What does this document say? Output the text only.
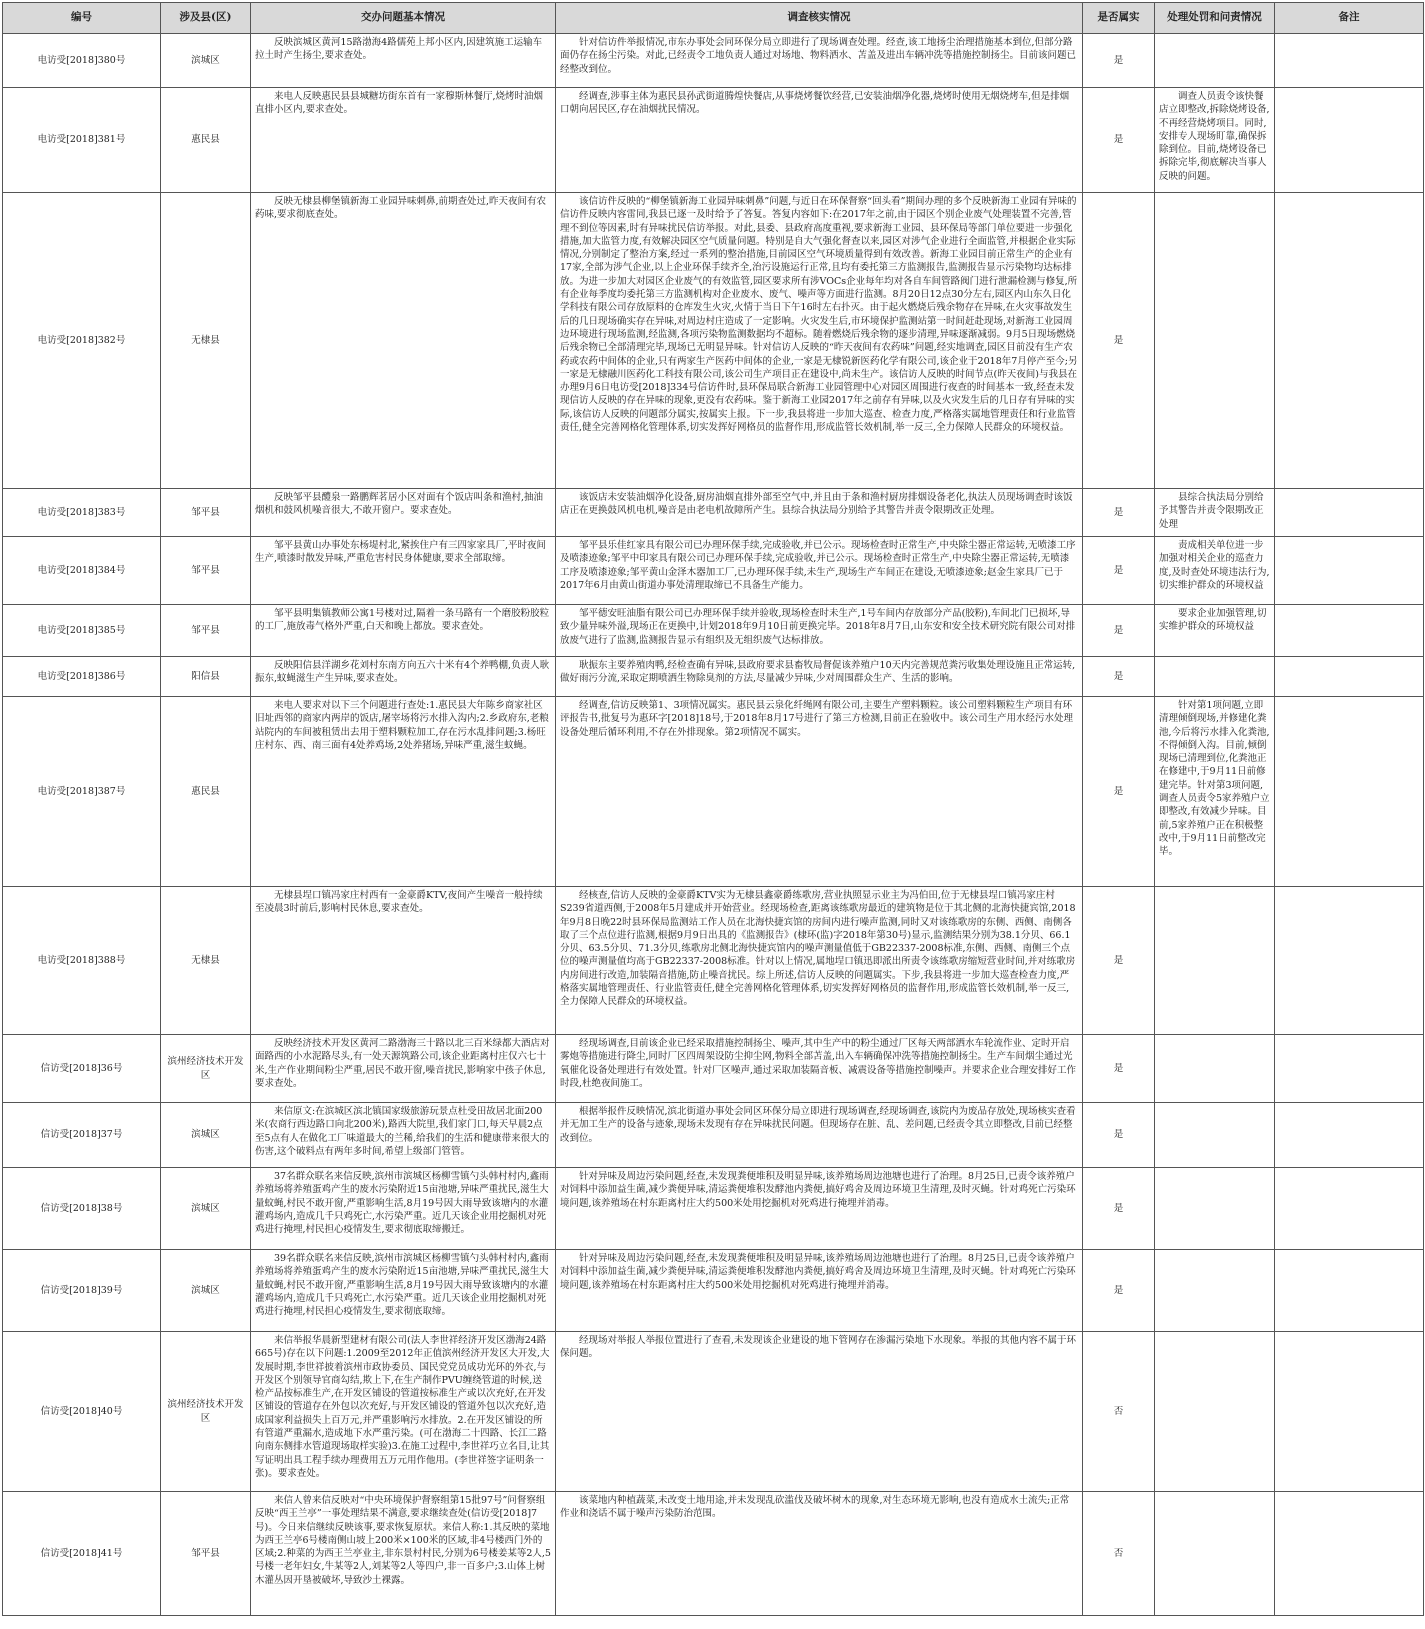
编号	涉及县(区)	交办问题基本情况	调查核实情况	是否属实	处理处罚和问责情况	备注
电访受[2018]380号	滨城区	反映滨城区黄河15路渤海4路儒苑上邦小区内,因建筑施工运输车拉土时产生扬尘,要求查处。	针对信访件举报情况,市东办事处会同环保分局立即进行了现场调查处理。经查,该工地扬尘治理措施基本到位,但部分路面仍存在扬尘污染。对此,已经责令工地负责人通过对场地、物料洒水、苫盖及进出车辆冲洗等措施控制扬尘。目前该问题已经整改到位。	是	

电访受[2018]381号	惠民县	来电人反映惠民县县城糖坊街东首有一家穆斯林餐厅,烧烤时油烟直排小区内,要求查处。	经调查,涉事主体为惠民县孙武街道腾煌快餐店,从事烧烤餐饮经营,已安装油烟净化器,烧烤时使用无烟烧烤车,但是排烟口朝向居民区,存在油烟扰民情况。	是	调查人员责令该快餐店立即整改,拆除烧烤设备,不再经营烧烤项目。同时,安排专人现场盯靠,确保拆除到位。目前,烧烤设备已拆除完毕,彻底解决当事人反映的问题。	

电访受[2018]382号	无棣县	反映无棣县柳堡镇新海工业园异味刺鼻,前期查处过,昨天夜间有农药味,要求彻底查处。	该信访件反映的“柳堡镇新海工业园异味刺鼻”问题,与近日在环保督察“回头看”期间办理的多个反映新海工业园有异味的信访件反映内容雷同,我县已逐一及时给予了答复。答复内容如下:在2017年之前,由于园区个别企业废气处理装置不完善,管理不到位等因素,时有异味扰民信访举报。对此,县委、县政府高度重视,要求新海工业园、县环保局等部门单位要进一步强化措施,加大监管力度,有效解决园区空气质量问题。特别是自大气强化督查以来,园区对涉气企业进行全面监管,并根据企业实际情况,分别制定了整治方案,经过一系列的整治措施,目前园区空气环境质量得到有效改善。新海工业园目前正常生产的企业有17家,全部为涉气企业,以上企业环保手续齐全,治污设施运行正常,且均有委托第三方监测报告,监测报告显示污染物均达标排放。为进一步加大对园区企业废气的有效监管,园区要求所有涉VOCs企业每年均对各自车间管路阀门进行泄漏检测与修复,所有企业每季度均委托第三方监测机构对企业废水、废气、噪声等方面进行监测。8月20日12点30分左右,园区内山东久日化学科技有限公司存放原料的仓库发生火灾,火情于当日下午16时左右扑灭。由于起火燃烧后残余物存在异味,在火灾事故发生后的几日现场确实存在异味,对周边村庄造成了一定影响。火灾发生后,市环境保护监测站第一时间赶赴现场,对新海工业园周边环境进行现场监测,经监测,各项污染物监测数据均不超标。随着燃烧后残余物的逐步清理,异味逐渐减弱。9月5日现场燃烧后残余物已全部清理完毕,现场已无明显异味。针对信访人反映的“昨天夜间有农药味”问题,经实地调查,园区目前没有生产农药或农药中间体的企业,只有两家生产医药中间体的企业,一家是无棣锐新医药化学有限公司,该企业于2018年7月停产至今;另一家是无棣融川医药化工科技有限公司,该公司生产项目正在建设中,尚未生产。该信访人反映的时间节点(昨天夜间)与我县在办理9月6日电访受[2018]334号信访件时,县环保局联合新海工业园管理中心对园区周围进行夜查的时间基本一致,经查未发现信访人反映的存在异味的现象,更没有农药味。鉴于新海工业园2017年之前存有异味,以及火灾发生后的几日存有异味的实际,该信访人反映的问题部分属实,按属实上报。下一步,我县将进一步加大巡查、检查力度,严格落实属地管理责任和行业监管责任,健全完善网格化管理体系,切实发挥好网格员的监督作用,形成监管长效机制,举一反三,全力保障人民群众的环境权益。	是	

电访受[2018]383号	邹平县	反映邹平县醴泉一路鹏辉茗居小区对面有个饭店叫条和渔村,抽油烟机和鼓风机噪音很大,不敢开窗户。要求查处。	该饭店未安装油烟净化设备,厨房油烟直排外部至空气中,并且由于条和渔村厨房排烟设备老化,执法人员现场调查时该饭店正在更换鼓风机电机,噪音是由老电机故障所产生。县综合执法局分别给予其警告并责令限期改正处理。	是	县综合执法局分别给予其警告并责令限期改正处理	

电访受[2018]384号	邹平县	邹平县黄山办事处东杨堤村北,紧挨住户有三四家家具厂,平时夜间生产,喷漆时散发异味,严重危害村民身体健康,要求全部取缔。	邹平县乐佳红家具有限公司已办理环保手续,完成验收,并已公示。现场检查时正常生产,中央除尘器正常运转,无喷漆工序及喷漆迹象;邹平中印家具有限公司已办理环保手续,完成验收,并已公示。现场检查时正常生产,中央除尘器正常运转,无喷漆工序及喷漆迹象;邹平黄山金泽木器加工厂,已办理环保手续,未生产,现场生产车间正在建设,无喷漆迹象;赵金生家具厂已于2017年6月由黄山街道办事处清理取缔已不具备生产能力。	是	责成相关单位进一步加强对相关企业的巡查力度,及时查处环境违法行为,切实维护群众的环境权益	

电访受[2018]385号	邹平县	邹平县明集镇教师公寓1号楼对过,隔着一条马路有一个磨胶粉胶粒的工厂,施放毒气格外严重,白天和晚上都放。要求查处。	邹平德安旺油脂有限公司已办理环保手续并验收,现场检查时未生产,1号车间内存放部分产品(胶粉),车间北门已损坏,导致少量异味外溢,现场正在更换中,计划2018年9月10日前更换完毕。2018年8月7日,山东安和安全技术研究院有限公司对排放废气进行了监测,监测报告显示有组织及无组织废气达标排放。	是	要求企业加强管理,切实维护群众的环境权益	

电访受[2018]386号	阳信县	反映阳信县洋湖乡花刘村东南方向五六十米有4个养鸭棚,负责人耿振东,蚊蝇滋生产生异味,要求查处。	耿振东主要养殖肉鸭,经检查确有异味,县政府要求县畜牧局督促该养殖户10天内完善规范粪污收集处理设施且正常运转,做好雨污分流,采取定期喷洒生物除臭剂的方法,尽量减少异味,少对周围群众生产、生活的影响。	是	

电访受[2018]387号	惠民县	来电人要求对以下三个问题进行查处:1.惠民县大年陈乡商家社区旧址西邻的商家内两岸的饭店,屠宰场将污水排入沟内;2.乡政府东,老粮站院内的车间被租赁出去用于塑料颗粒加工,存在污水乱排问题;3.杨旺庄村东、西、南三面有4处养鸡场,2处养猪场,异味严重,滋生蚊蝇。	经调查,信访反映第1、3项情况属实。惠民县云泉化纤绳网有限公司,主要生产塑料颗粒。该公司塑料颗粒生产项目有环评报告书,批复号为惠环字[2018]18号,于2018年8月17号进行了第三方检测,目前正在验收中。该公司生产用水经污水处理设备处理后循环利用,不存在外排现象。第2项情况不属实。	是	针对第1项问题,立即清理倾倒现场,并修建化粪池,今后将污水排入化粪池,不得倾倒入沟。目前,倾倒现场已清理到位,化粪池正在修建中,于9月11日前修建完毕。针对第3项问题,调查人员责令5家养殖户立即整改,有效减少异味。目前,5家养殖户正在积极整改中,于9月11日前整改完毕。	

电访受[2018]388号	无棣县	无棣县埕口镇冯家庄村西有一金豪爵KTV,夜间产生噪音一般持续至凌晨3时前后,影响村民休息,要求查处。	经核查,信访人反映的金豪爵KTV实为无棣县鑫豪爵练歌房,营业执照显示业主为冯伯田,位于无棣县埕口镇冯家庄村S239省道西侧,于2008年5月建成并开始营业。经现场检查,距离该练歌房最近的建筑物是位于其北侧的北海快捷宾馆,2018年9月8日晚22时县环保局监测站工作人员在北海快捷宾馆的房间内进行噪声监测,同时又对该练歌房的东侧、西侧、南侧各取了三个点位进行监测,根据9月9日出具的《监测报告》(棣环(监)字2018年第30号)显示,监测结果分别为38.1分贝、66.1分贝、63.5分贝、71.3分贝,练歌房北侧北海快捷宾馆内的噪声测量值低于GB22337-2008标准,东侧、西侧、南侧三个点位的噪声测量值均高于GB22337-2008标准。针对以上情况,属地埕口镇迅即派出所责令该练歌房缩短营业时间,并对练歌房内房间进行改造,加装隔音措施,防止噪音扰民。综上所述,信访人反映的问题属实。下步,我县将进一步加大巡查检查力度,严格落实属地管理责任、行业监管责任,健全完善网格化管理体系,切实发挥好网格员的监督作用,形成监管长效机制,举一反三,全力保障人民群众的环境权益。	是	

信访受[2018]36号	滨州经济技术开发区	反映经济技术开发区黄河二路渤海三十路以北三百米绿都大酒店对面路西的小水泥路尽头,有一处天源筑路公司,该企业距离村庄仅六七十米,生产作业期间粉尘严重,居民不敢开窗,噪音扰民,影响家中孩子休息,要求查处。	经现场调查,目前该企业已经采取措施控制扬尘、噪声,其中生产中的粉尘通过厂区每天两部洒水车轮流作业、定时开启雾炮等措施进行降尘,同时厂区四周架设防尘抑尘网,物料全部苫盖,出入车辆确保冲洗等措施控制扬尘。生产车间烟尘通过光氧催化设备处理进行有效处置。针对厂区噪声,通过采取加装隔音板、减震设备等措施控制噪声。并要求企业合理安排好工作时段,杜绝夜间施工。	是	

信访受[2018]37号	滨城区	来信原文:在滨城区滨北镇国家级旅游玩景点杜受田故居北面200米(农商行西边路口向北200米),路西大院里,我们家门口,每天早晨2点至5点有人在做化工厂味道最大的兰稀,给我们的生活和健康带来很大的伤害,这个破料点有两年多时间,希望上级部门管管。	根据举报件反映情况,滨北街道办事处会同区环保分局立即进行现场调查,经现场调查,该院内为废品存放处,现场核实查看并无加工生产的设备与迹象,现场未发现有存在异味扰民问题。但现场存在脏、乱、差问题,已经责令其立即整改,目前已经整改到位。	是	

信访受[2018]38号	滨城区	37名群众联名来信反映,滨州市滨城区杨柳雪镇勺头韩村村内,鑫雨养殖场将养殖蛋鸡产生的废水污染附近15亩池塘,异味严重扰民,滋生大量蚊蝇,村民不敢开窗,严重影响生活,8月19号因大雨导致该塘内的水灌灌鸡场内,造成几千只鸡死亡,水污染严重。近几天该企业用挖掘机对死鸡进行掩埋,村民担心疫情发生,要求彻底取缔搬迁。	针对异味及周边污染问题,经查,未发现粪便堆积及明显异味,该养殖场周边池塘也进行了治理。8月25日,已责令该养殖户对饲料中添加益生菌,减少粪便异味,清运粪便堆积发酵池内粪便,搞好鸡舍及周边环境卫生清理,及时灭蝇。针对鸡死亡污染环境问题,该养殖场在村东距离村庄大约500米处用挖掘机对死鸡进行掩埋并消毒。	是	

信访受[2018]39号	滨城区	39名群众联名来信反映,滨州市滨城区杨柳雪镇勺头韩村村内,鑫雨养殖场将养殖蛋鸡产生的废水污染附近15亩池塘,异味严重扰民,滋生大量蚊蝇,村民不敢开窗,严重影响生活,8月19号因大雨导致该塘内的水灌灌鸡场内,造成几千只鸡死亡,水污染严重。近几天该企业用挖掘机对死鸡进行掩埋,村民担心疫情发生,要求彻底取缔。	针对异味及周边污染问题,经查,未发现粪便堆积及明显异味,该养殖场周边池塘也进行了治理。8月25日,已责令该养殖户对饲料中添加益生菌,减少粪便异味,清运粪便堆积发酵池内粪便,搞好鸡舍及周边环境卫生清理,及时灭蝇。针对鸡死亡污染环境问题,该养殖场在村东距离村庄大约500米处用挖掘机对死鸡进行掩埋并消毒。	是	

信访受[2018]40号	滨州经济技术开发区	来信举报华晨新型建材有限公司(法人李世祥经济开发区渤海24路665号)存在以下问题:1.2009至2012年正值滨州经济开发区大开发,大发展时期,李世祥披着滨州市政协委员、国民党党员成功光环的外衣,与开发区个别领导官商勾结,欺上下,在生产制作PVU缠绕管道的时候,送检产品按标准生产,在开发区铺设的管道按标准生产或以次充好,在开发区铺设的管道存在外包以次充好,与开发区铺设的管道外包以次充好,造成国家利益损失上百万元,并严重影响污水排放。2.在开发区铺设的所有管道严重漏水,造成地下水严重污染。(可在渤海二十四路、长江二路向南东侧排水管道现场取样实验)3.在施工过程中,李世祥巧立名目,让其写证明出具工程手续办理费用五万元用作他用。(李世祥签字证明条一张)。要求查处。	经现场对举报人举报位置进行了查看,未发现该企业建设的地下管网存在渗漏污染地下水现象。举报的其他内容不属于环保问题。	否	

信访受[2018]41号	邹平县	来信人曾来信反映对“中央环境保护督察组第15批97号”问督察组反映“西王兰亭”一事处理结果不满意,要求继续查处(信访受[2018]7号)。今日来信继续反映该事,要求恢复原状。来信人称:1.其反映的菜地为西王兰亭6号楼南侧山坡上200米×100米的区域,非4号楼西门外的区域;2.种菜的为西王兰亭业主,非东景村村民,分别为6号楼姜某等2人,5号楼一老年妇女,牛某等2人,刘某等2人等四户,非一百多户;3.山体上树木灌丛因开垦被破坏,导致沙土裸露。	该菜地内种植蔬菜,未改变土地用途,并未发现乱砍滥伐及破坏树木的现象,对生态环境无影响,也没有造成水土流失;正常作业和浇话不属于噪声污染防治范围。	否	
